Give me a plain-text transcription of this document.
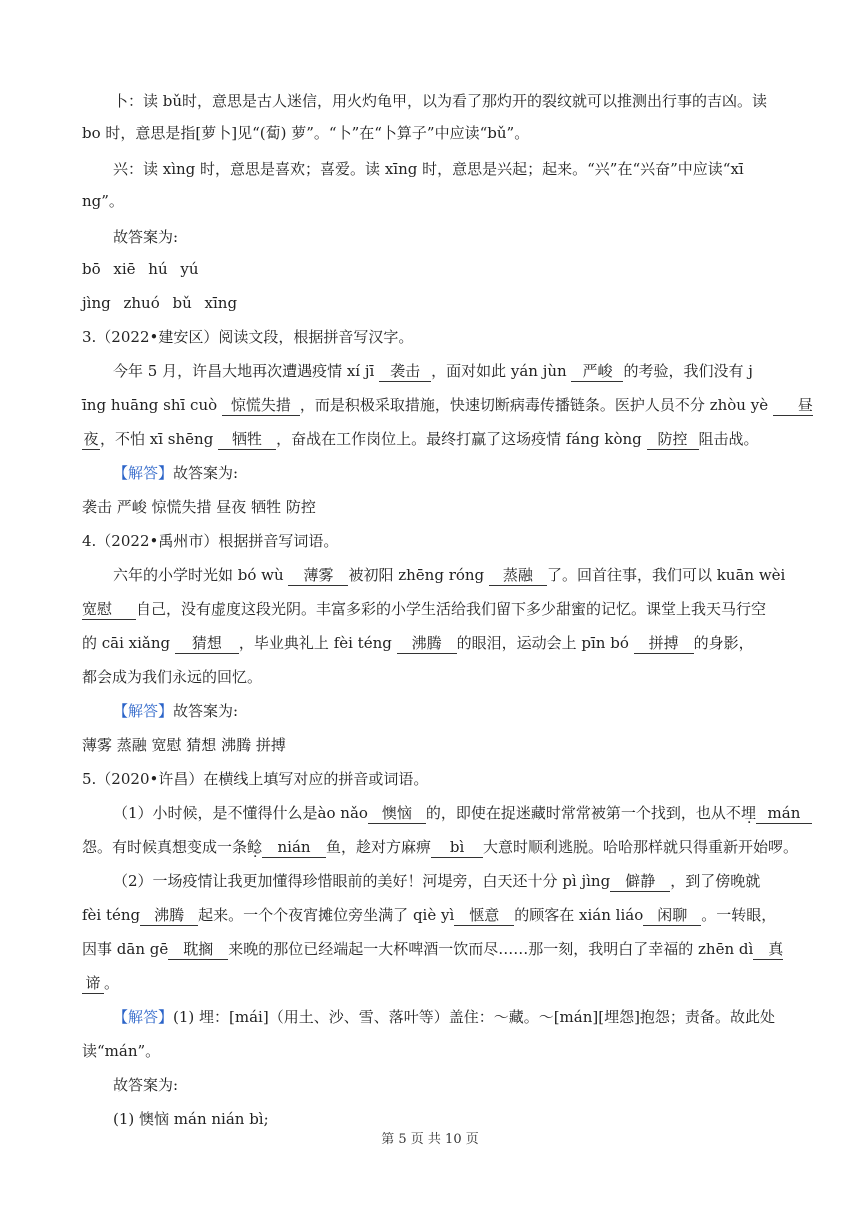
卜：读 bǔ时，意思是古人迷信，用火灼龟甲，以为看了那灼开的裂纹就可以推测出行事的吉凶。读
bo 时，意思是指[萝卜]见“(蔔) 萝”。“卜”在“卜算子”中应读“bǔ”。
兴：读 xìng 时，意思是喜欢；喜爱。读 xīng 时，意思是兴起；起来。“兴”在“兴奋”中应读“xī
ng”。
故答案为:
bō xiē hú yú
jìng zhuó bǔ xīng
3.（2022•建安区）阅读文段，根据拼音写汉字。
今年 5 月，许昌大地再次遭遇疫情 xí jī 袭击 ，面对如此 yán jùn 严峻 的考验，我们没有 j
īng huāng shī cuò 惊慌失措 ，而是积极采取措施，快速切断病毒传播链条。医护人员不分 zhòu yè 昼
夜 ，不怕 xī shēng 牺牲 ，奋战在工作岗位上。最终打赢了这场疫情 fáng kòng 防控 阻击战。
【解答】故答案为:
袭击 严峻 惊慌失措 昼夜 牺牲 防控
4.（2022•禹州市）根据拼音写词语。
六年的小学时光如 bó wù 薄雾 被初阳 zhēng róng 蒸融 了。回首往事，我们可以 kuān wèi
宽慰 自己，没有虚度这段光阴。丰富多彩的小学生活给我们留下多少甜蜜的记忆。课堂上我天马行空
的 cāi xiǎng 猜想 ，毕业典礼上 fèi téng 沸腾 的眼泪，运动会上 pīn bó 拼搏 的身影，
都会成为我们永远的回忆。
【解答】故答案为:
薄雾 蒸融 宽慰 猜想 沸腾 拼搏
5.（2020•许昌）在横线上填写对应的拼音或词语。
（1）小时候，是不懂得什么是ào nǎo 懊恼 的，即使在捉迷藏时常常被第一个找到，也从不埋 mán
怨。有时候真想变成一条鲶 nián 鱼，趁对方麻痹 bì 大意时顺利逃脱。哈哈那样就只得重新开始啰。
（2）一场疫情让我更加懂得珍惜眼前的美好！河堤旁，白天还十分 pì jìng 僻静 ，到了傍晚就
fèi téng 沸腾 起来。一个个夜宵摊位旁坐满了 qiè yì 惬意 的顾客在 xián liáo 闲聊 。一转眼，
因事 dān gē 耽搁 来晚的那位已经端起一大杯啤酒一饮而尽……那一刻，我明白了幸福的 zhēn dì 真
谛 。
【解答】(1) 埋：[mái]（用土、沙、雪、落叶等）盖住：～藏。～[mán][埋怨]抱怨；责备。故此处
读“mán”。
故答案为:
(1) 懊恼 mán nián bì;
第 5 页 共 10 页
